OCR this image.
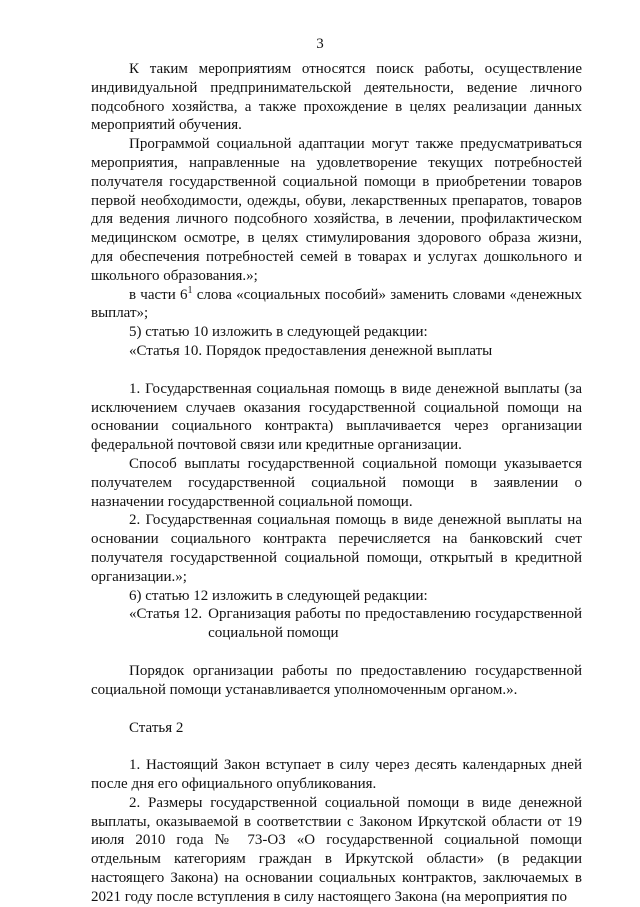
3

К таким мероприятиям относятся поиск работы, осуществление индивидуальной предпринимательской деятельности, ведение личного подсобного хозяйства, а также прохождение в целях реализации данных мероприятий обучения.

Программой социальной адаптации могут также предусматриваться мероприятия, направленные на удовлетворение текущих потребностей получателя государственной социальной помощи в приобретении товаров первой необходимости, одежды, обуви, лекарственных препаратов, товаров для ведения личного подсобного хозяйства, в лечении, профилактическом медицинском осмотре, в целях стимулирования здорового образа жизни, для обеспечения потребностей семей в товарах и услугах дошкольного и школьного образования.»;

в части $6^1$ слова «социальных пособий» заменить словами «денежных выплат»;

5) статью 10 изложить в следующей редакции:

«Статья 10. Порядок предоставления денежной выплаты

1. Государственная социальная помощь в виде денежной выплаты (за исключением случаев оказания государственной социальной помощи на основании социального контракта) выплачивается через организации федеральной почтовой связи или кредитные организации.

Способ выплаты государственной социальной помощи указывается получателем государственной социальной помощи в заявлении о назначении государственной социальной помощи.

2. Государственная социальная помощь в виде денежной выплаты на основании социального контракта перечисляется на банковский счет получателя государственной социальной помощи, открытый в кредитной организации.»;

6) статью 12 изложить в следующей редакции:

«Статья 12. Организация работы по предоставлению государственной социальной помощи

Порядок организации работы по предоставлению государственной социальной помощи устанавливается уполномоченным органом.».

Статья 2

1. Настоящий Закон вступает в силу через десять календарных дней после дня его официального опубликования.

2. Размеры государственной социальной помощи в виде денежной выплаты, оказываемой в соответствии с Законом Иркутской области от 19 июля 2010 года № 73-ОЗ «О государственной социальной помощи отдельным категориям граждан в Иркутской области» (в редакции настоящего Закона) на основании социальных контрактов, заключаемых в 2021 году после вступления в силу настоящего Закона (на мероприятия по
